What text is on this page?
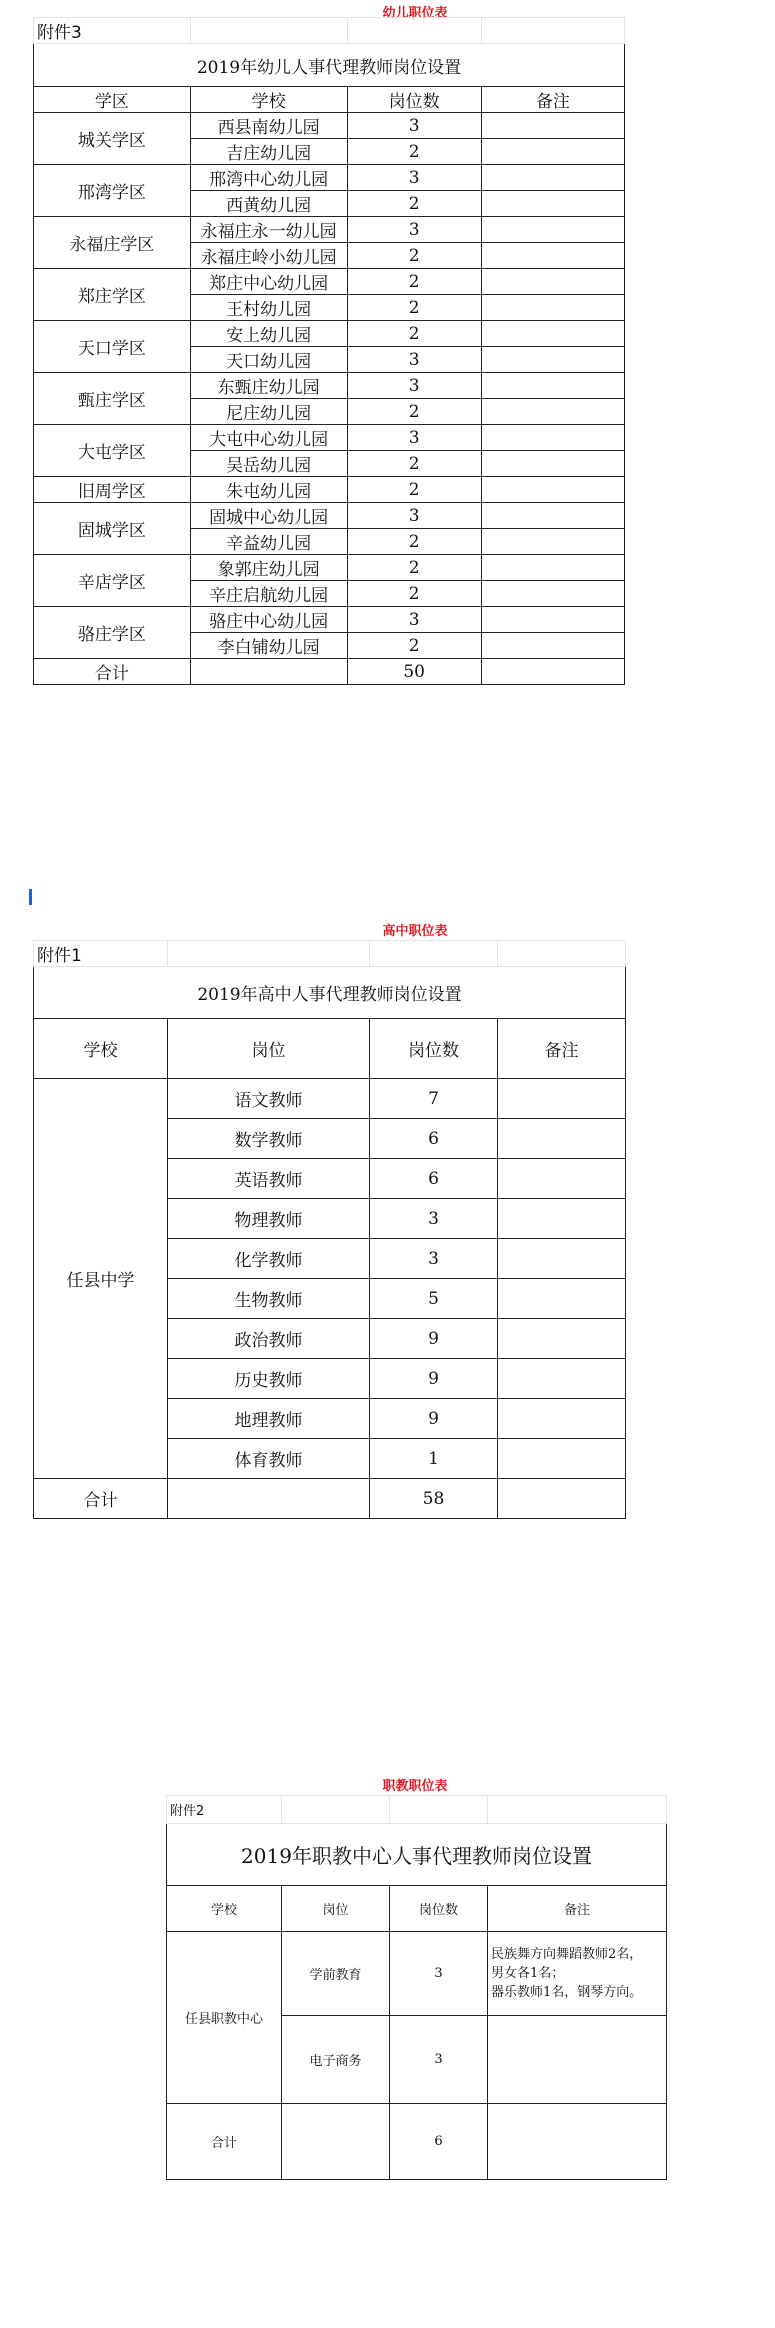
幼儿职位表
附件3			
2019年幼儿人事代理教师岗位设置			
学区	学校	岗位数	备注
城关学区	西县南幼儿园	3	
	吉庄幼儿园	2	
邢湾学区	邢湾中心幼儿园	3	
	西黄幼儿园	2	
永福庄学区	永福庄永一幼儿园	3	
	永福庄岭小幼儿园	2	
郑庄学区	郑庄中心幼儿园	2	
	王村幼儿园	2	
天口学区	安上幼儿园	2	
	天口幼儿园	3	
甄庄学区	东甄庄幼儿园	3	
	尼庄幼儿园	2	
大屯学区	大屯中心幼儿园	3	
	吴岳幼儿园	2	
旧周学区	朱屯幼儿园	2	
固城学区	固城中心幼儿园	3	
	辛益幼儿园	2	
辛店学区	象郭庄幼儿园	2	
	辛庄启航幼儿园	2	
骆庄学区	骆庄中心幼儿园	3	
	李白铺幼儿园	2	
合计		50	
高中职位表
附件1			
2019年高中人事代理教师岗位设置			
学校	岗位	岗位数	备注
任县中学	语文教师	7	
	数学教师	6	
	英语教师	6	
	物理教师	3	
	化学教师	3	
	生物教师	5	
	政治教师	9	
	历史教师	9	
	地理教师	9	
	体育教师	1	
合计		58	
职教职位表
附件2			
2019年职教中心人事代理教师岗位设置			
学校	岗位	岗位数	备注
任县职教中心	学前教育	3	民族舞方向舞蹈教师2名，
男女各1名；
器乐教师1名，钢琴方向。

	电子商务	3	
合计		6	
